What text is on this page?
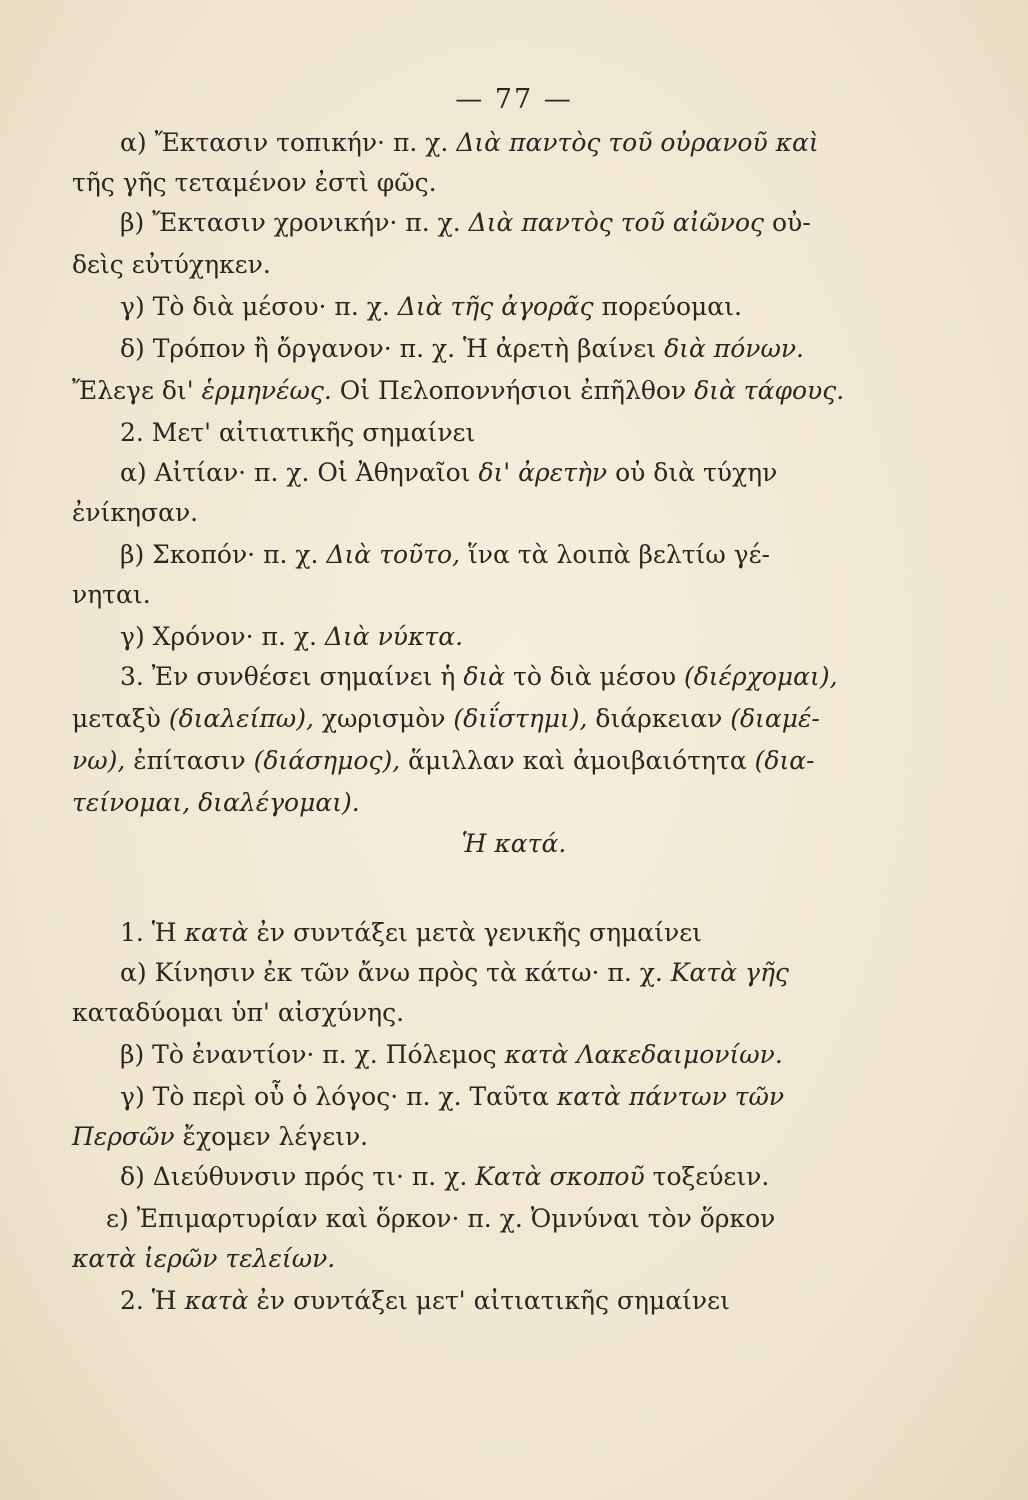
— 77 —
α) Ἔκτασιν τοπικήν· π. χ. Διὰ παντὸς τοῦ οὐρανοῦ καὶ
τῆς γῆς τεταμένον ἐστὶ φῶς.
β) Ἔκτασιν χρονικήν· π. χ. Διὰ παντὸς τοῦ αἰῶνος οὐ-
δεὶς εὐτύχηκεν.
γ) Τὸ διὰ μέσου· π. χ. Διὰ τῆς ἀγορᾶς πορεύομαι.
δ) Τρόπον ἢ ὄργανον· π. χ. Ἡ ἀρετὴ βαίνει διὰ πόνων.
Ἔλεγε δι' ἑρμηνέως. Οἱ Πελοποννήσιοι ἐπῆλθον διὰ τάφους.
2. Μετ' αἰτιατικῆς σημαίνει
α) Αἰτίαν· π. χ. Οἱ Ἀθηναῖοι δι' ἀρετὴν οὐ διὰ τύχην
ἐνίκησαν.
β) Σκοπόν· π. χ. Διὰ τοῦτο, ἵνα τὰ λοιπὰ βελτίω γέ-
νηται.
γ) Χρόνον· π. χ. Διὰ νύκτα.
3. Ἐν συνθέσει σημαίνει ἡ διὰ τὸ διὰ μέσου (διέρχομαι),
μεταξὺ (διαλείπω), χωρισμὸν (διΐστημι), διάρκειαν (διαμέ-
νω), ἐπίτασιν (διάσημος), ἅμιλλαν καὶ ἀμοιβαιότητα (δια-
τείνομαι, διαλέγομαι).
1. Ἡ κατὰ ἐν συντάξει μετὰ γενικῆς σημαίνει
α) Κίνησιν ἐκ τῶν ἄνω πρὸς τὰ κάτω· π. χ. Κατὰ γῆς
καταδύομαι ὑπ' αἰσχύνης.
β) Τὸ ἐναντίον· π. χ. Πόλεμος κατὰ Λακεδαιμονίων.
γ) Τὸ περὶ οὗ ὁ λόγος· π. χ. Ταῦτα κατὰ πάντων τῶν
Περσῶν ἔχομεν λέγειν.
δ) Διεύθυνσιν πρός τι· π. χ. Κατὰ σκοποῦ τοξεύειν.
ε) Ἐπιμαρτυρίαν καὶ ὅρκον· π. χ. Ὀμνύναι τὸν ὅρκον
κατὰ ἱερῶν τελείων.
2. Ἡ κατὰ ἐν συντάξει μετ' αἰτιατικῆς σημαίνει
Ἡ κατά.
